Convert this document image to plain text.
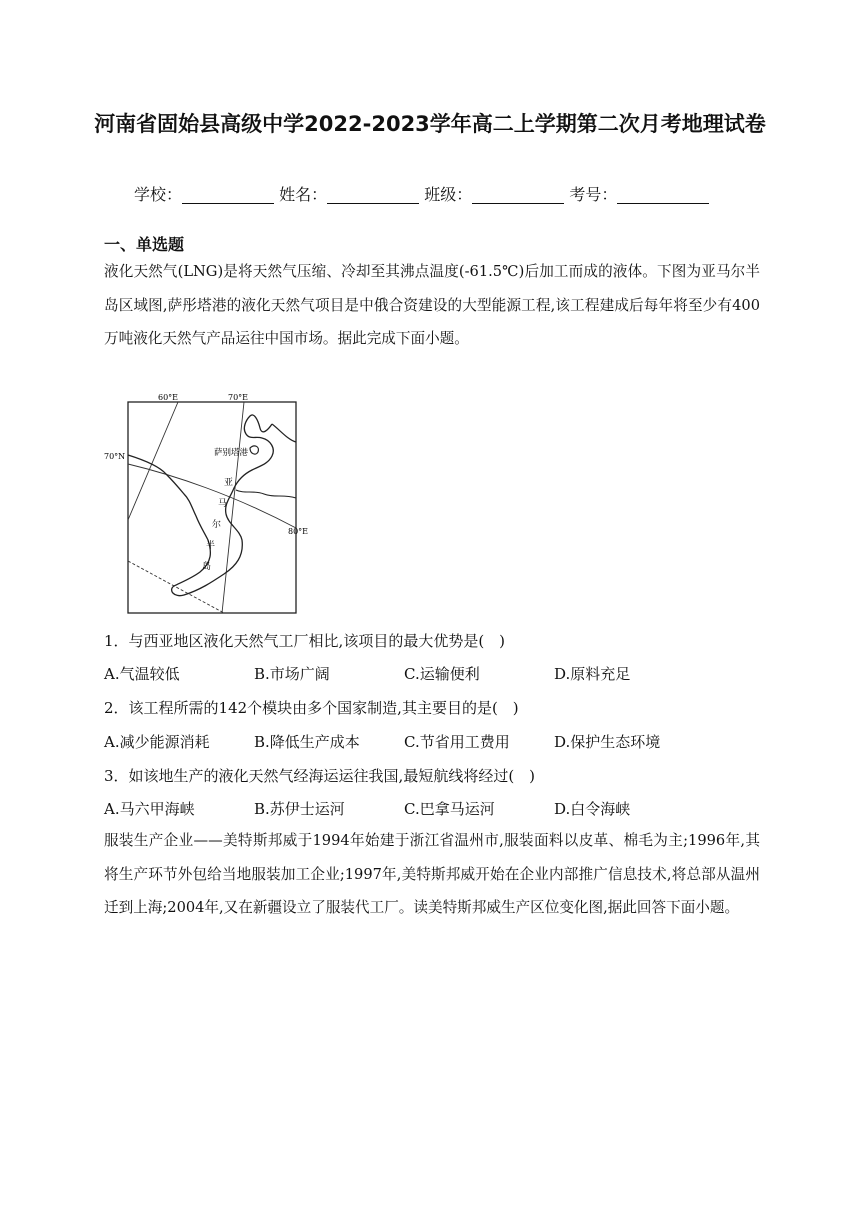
河南省固始县高级中学2022-2023学年高二上学期第二次月考地理试卷
学校：	姓名：	班级：	考号：
一、单选题

液化天然气(LNG)是将天然气压缩、冷却至其沸点温度(-61.5℃)后加工而成的液体。下图为亚马尔半岛区域图,萨彤塔港的液化天然气项目是中俄合资建设的大型能源工程,该工程建成后每年将至少有400万吨液化天然气产品运往中国市场。据此完成下面小题。

60°E	70°E
70°N
80°E
萨别塔港
亚
马
尔
半
岛
1．与西亚地区液化天然气工厂相比,该项目的最大优势是(　)
A.气温较低	B.市场广阔	C.运输便利	D.原料充足
2．该工程所需的142个模块由多个国家制造,其主要目的是(　)
A.减少能源消耗	B.降低生产成本	C.节省用工费用	D.保护生态环境
3．如该地生产的液化天然气经海运运往我国,最短航线将经过(　)
A.马六甲海峡	B.苏伊士运河	C.巴拿马运河	D.白令海峡

服装生产企业——美特斯邦威于1994年始建于浙江省温州市,服装面料以皮革、棉毛为主;1996年,其将生产环节外包给当地服装加工企业;1997年,美特斯邦威开始在企业内部推广信息技术,将总部从温州迁到上海;2004年,又在新疆设立了服装代工厂。读美特斯邦威生产区位变化图,据此回答下面小题。
